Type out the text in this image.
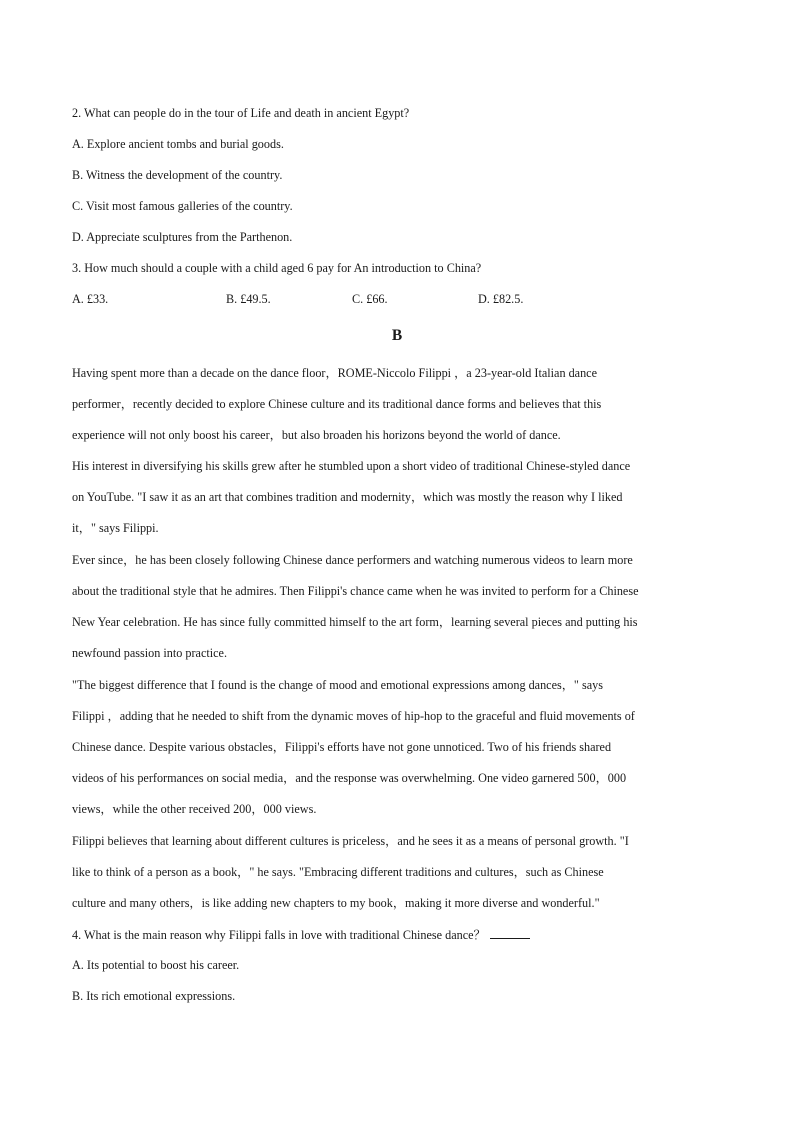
2. What can people do in the tour of Life and death in ancient Egypt?
A. Explore ancient tombs and burial goods.
B. Witness the development of the country.
C. Visit most famous galleries of the country.
D. Appreciate sculptures from the Parthenon.
3. How much should a couple with a child aged 6 pay for An introduction to China?
A. £33.	B. £49.5.	C. £66.	D. £82.5.
B
Having spent more than a decade on the dance floor，ROME-Niccolo Filippi ，a 23-year-old Italian dance
performer，recently decided to explore Chinese culture and its traditional dance forms and believes that this
experience will not only boost his career，but also broaden his horizons beyond the world of dance.
His interest in diversifying his skills grew after he stumbled upon a short video of traditional Chinese-styled dance
on YouTube. "I saw it as an art that combines tradition and modernity，which was mostly the reason why I liked
it，" says Filippi.
Ever since，he has been closely following Chinese dance performers and watching numerous videos to learn more
about the traditional style that he admires. Then Filippi's chance came when he was invited to perform for a Chinese
New Year celebration. He has since fully committed himself to the art form，learning several pieces and putting his
newfound passion into practice.
"The biggest difference that I found is the change of mood and emotional expressions among dances，" says
Filippi ，adding that he needed to shift from the dynamic moves of hip-hop to the graceful and fluid movements of
Chinese dance. Despite various obstacles，Filippi's efforts have not gone unnoticed. Two of his friends shared
videos of his performances on social media，and the response was overwhelming. One video garnered 500，000
views，while the other received 200，000 views.
Filippi believes that learning about different cultures is priceless，and he sees it as a means of personal growth. "I
like to think of a person as a book，" he says. "Embracing different traditions and cultures，such as Chinese
culture and many others，is like adding new chapters to my book，making it more diverse and wonderful."
4. What is the main reason why Filippi falls in love with traditional Chinese dance？
A. Its potential to boost his career.
B. Its rich emotional expressions.
